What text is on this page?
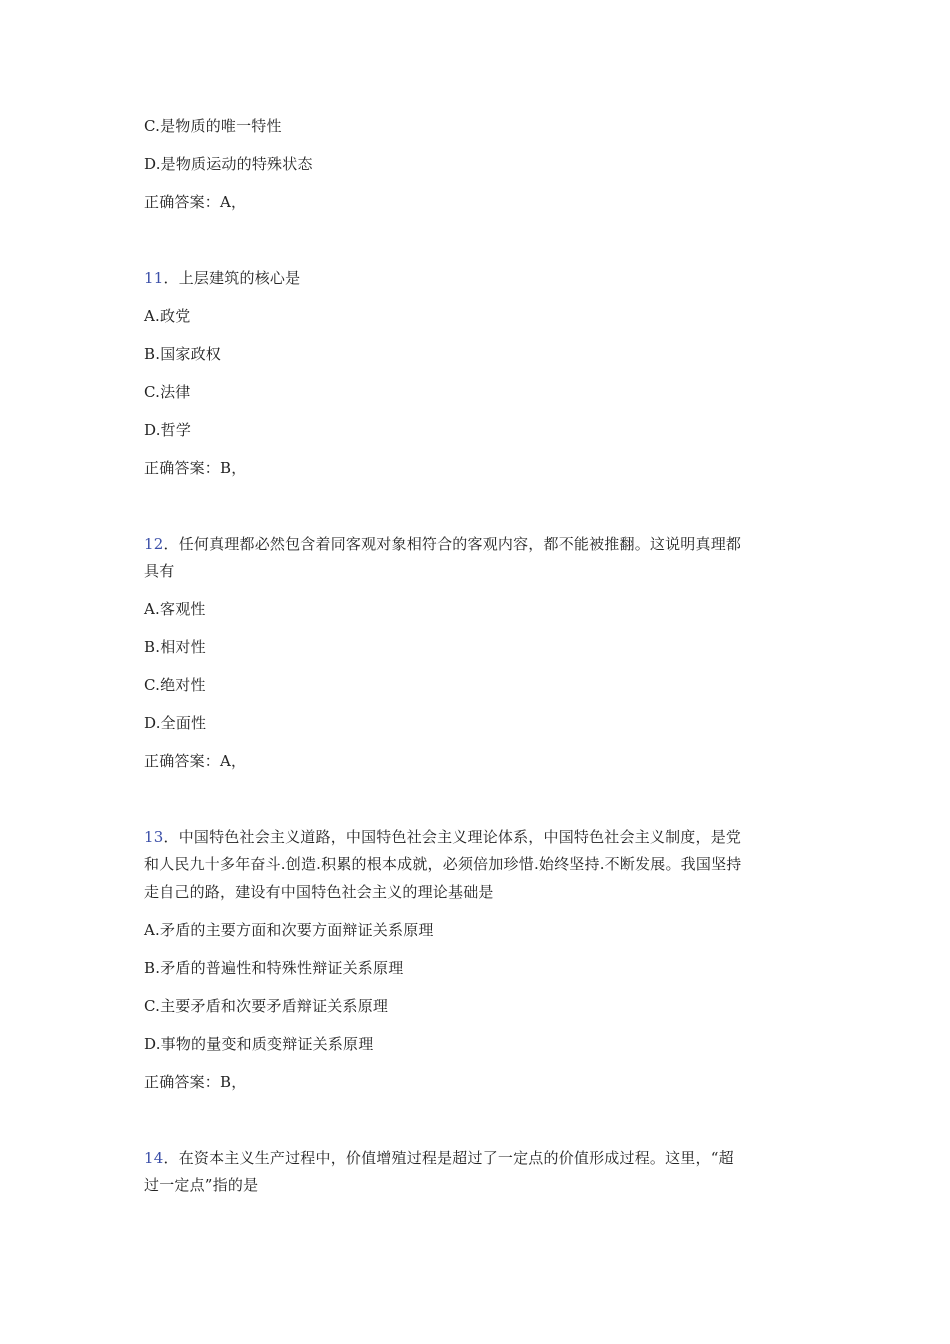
C.是物质的唯一特性
D.是物质运动的特殊状态
正确答案：A，
11．上层建筑的核心是
A.政党
B.国家政权
C.法律
D.哲学
正确答案：B，
12．任何真理都必然包含着同客观对象相符合的客观内容，都不能被推翻。这说明真理都
具有
A.客观性
B.相对性
C.绝对性
D.全面性
正确答案：A，
13．中国特色社会主义道路，中国特色社会主义理论体系，中国特色社会主义制度，是党
和人民九十多年奋斗.创造.积累的根本成就，必须倍加珍惜.始终坚持.不断发展。我国坚持
走自己的路，建设有中国特色社会主义的理论基础是
A.矛盾的主要方面和次要方面辩证关系原理
B.矛盾的普遍性和特殊性辩证关系原理
C.主要矛盾和次要矛盾辩证关系原理
D.事物的量变和质变辩证关系原理
正确答案：B，
14．在资本主义生产过程中，价值增殖过程是超过了一定点的价值形成过程。这里，“超
过一定点”指的是
